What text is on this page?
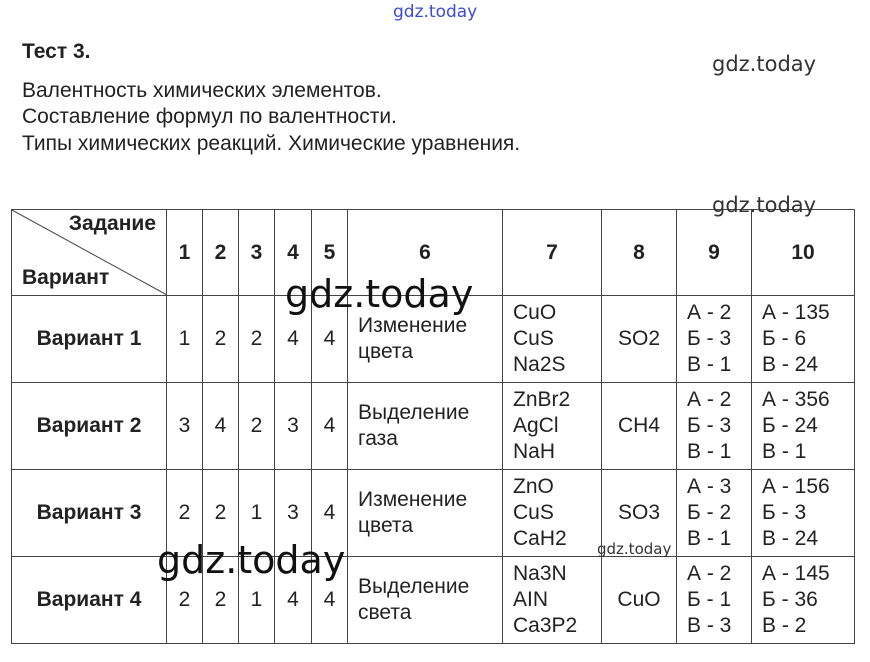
gdz.today
gdz.today
Тест 3.
Валентность химических элементов.
Составление формул по валентности.
Типы химических реакций. Химические уравнения.
Задание
Вариант	1	2	3	4	5	6	7	8	9	10
Вариант 1	1	2	2	4	4	Изменение
цвета	CuO
CuS
Na2S	SO2	А - 2
Б - 3
В - 1	А - 135
Б - 6
В - 24

Вариант 2	3	4	2	3	4	Выделение
газа	ZnBr2
AgCl
NaH	CH4	А - 2
Б - 3
В - 1	А - 356
Б - 24
В - 1

Вариант 3	2	2	1	3	4	Изменение
цвета	ZnO
CuS
CaH2	SO3	А - 3
Б - 2
В - 1	А - 156
Б - 3
В - 24

Вариант 4	2	2	1	4	4	Выделение
света	Na3N
AIN
Ca3P2	CuO	А - 2
Б - 1
В - 3	А - 145
Б - 36
В - 2
gdz.today
gdz.today
gdz.today	gdz.today
